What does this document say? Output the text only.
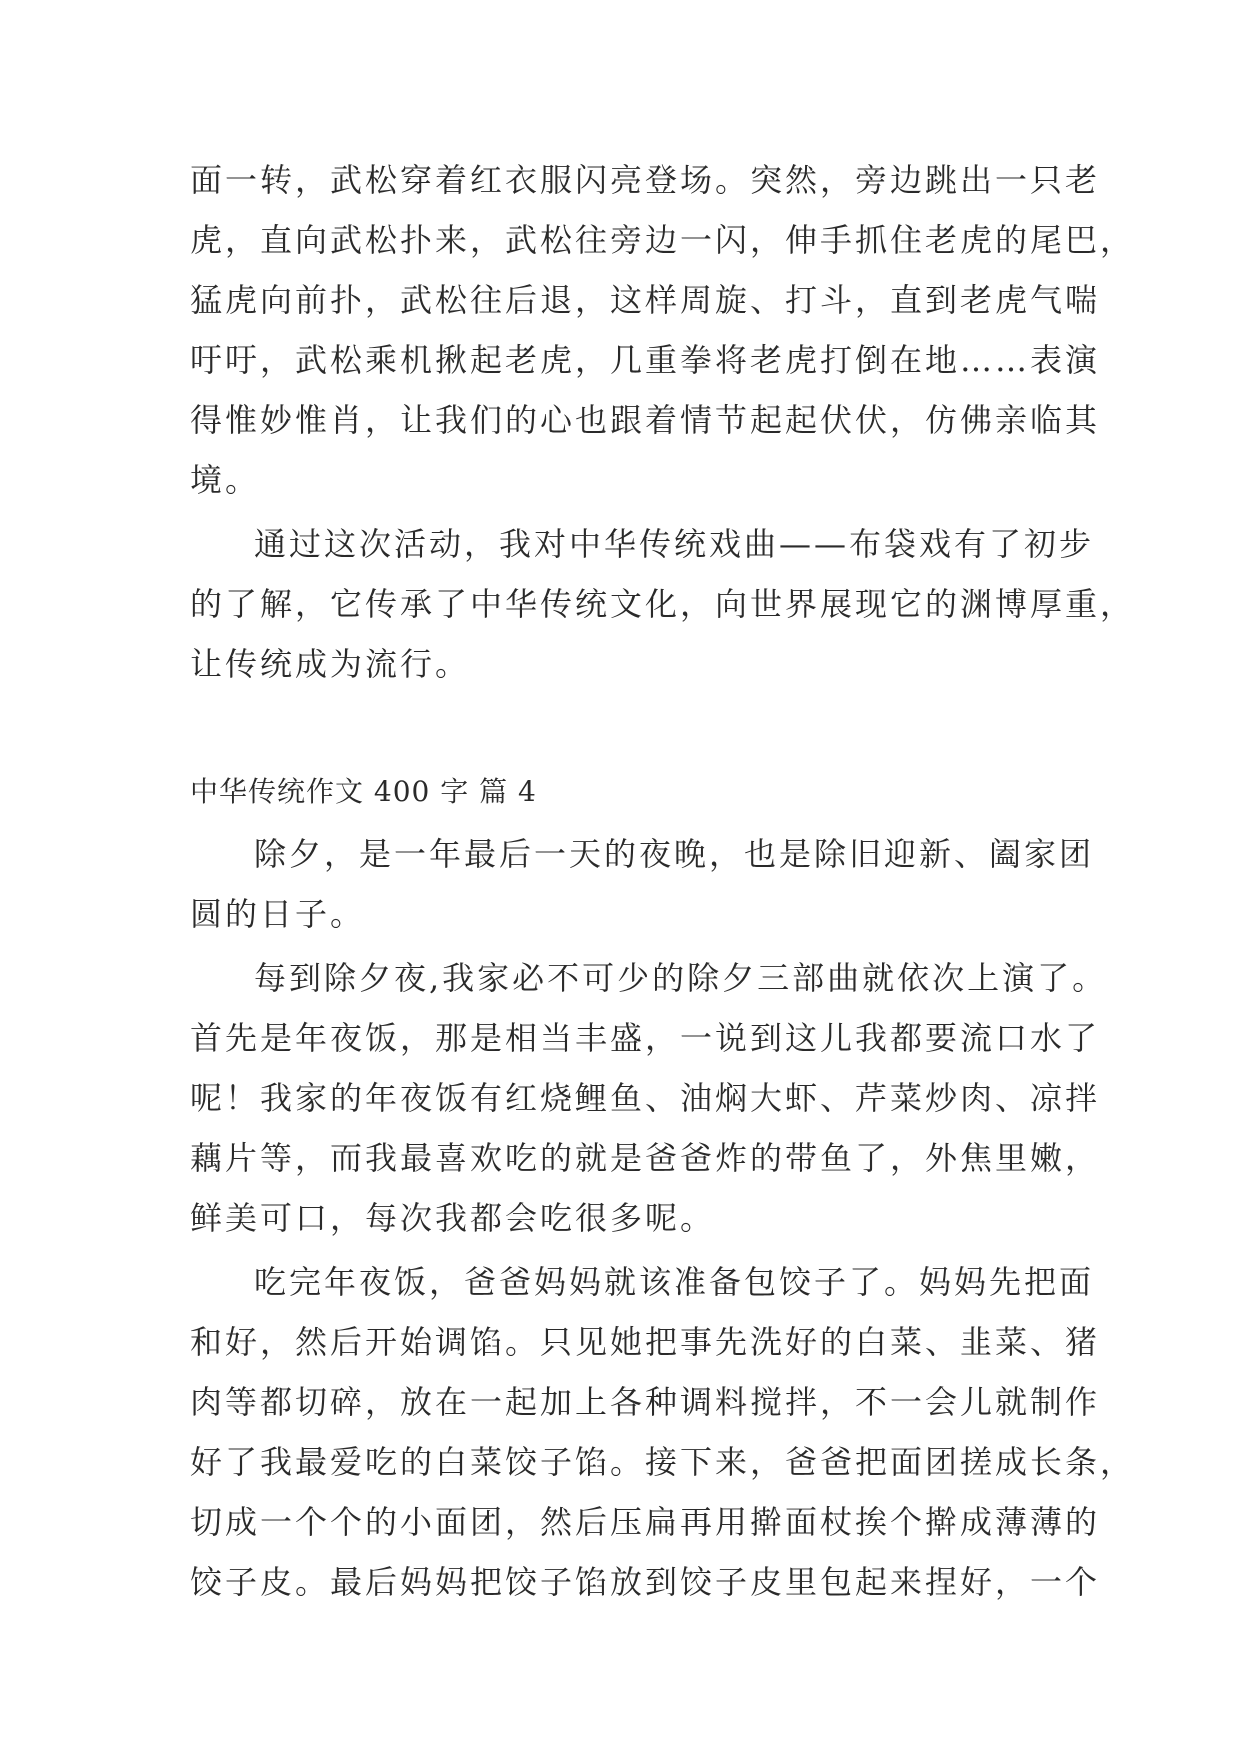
面一转，武松穿着红衣服闪亮登场。突然，旁边跳出一只老
虎，直向武松扑来，武松往旁边一闪，伸手抓住老虎的尾巴，
猛虎向前扑，武松往后退，这样周旋、打斗，直到老虎气喘
吁吁，武松乘机揪起老虎，几重拳将老虎打倒在地……表演
得惟妙惟肖，让我们的心也跟着情节起起伏伏，仿佛亲临其
境。
通过这次活动，我对中华传统戏曲——布袋戏有了初步
的了解，它传承了中华传统文化，向世界展现它的渊博厚重，
让传统成为流行。
中华传统作文 400 字 篇 4
除夕，是一年最后一天的夜晚，也是除旧迎新、阖家团
圆的日子。
每到除夕夜,我家必不可少的除夕三部曲就依次上演了。
首先是年夜饭，那是相当丰盛，一说到这儿我都要流口水了
呢！我家的年夜饭有红烧鲤鱼、油焖大虾、芹菜炒肉、凉拌
藕片等，而我最喜欢吃的就是爸爸炸的带鱼了，外焦里嫩，
鲜美可口，每次我都会吃很多呢。
吃完年夜饭，爸爸妈妈就该准备包饺子了。妈妈先把面
和好，然后开始调馅。只见她把事先洗好的白菜、韭菜、猪
肉等都切碎，放在一起加上各种调料搅拌，不一会儿就制作
好了我最爱吃的白菜饺子馅。接下来，爸爸把面团搓成长条，
切成一个个的小面团，然后压扁再用擀面杖挨个擀成薄薄的
饺子皮。最后妈妈把饺子馅放到饺子皮里包起来捏好，一个
